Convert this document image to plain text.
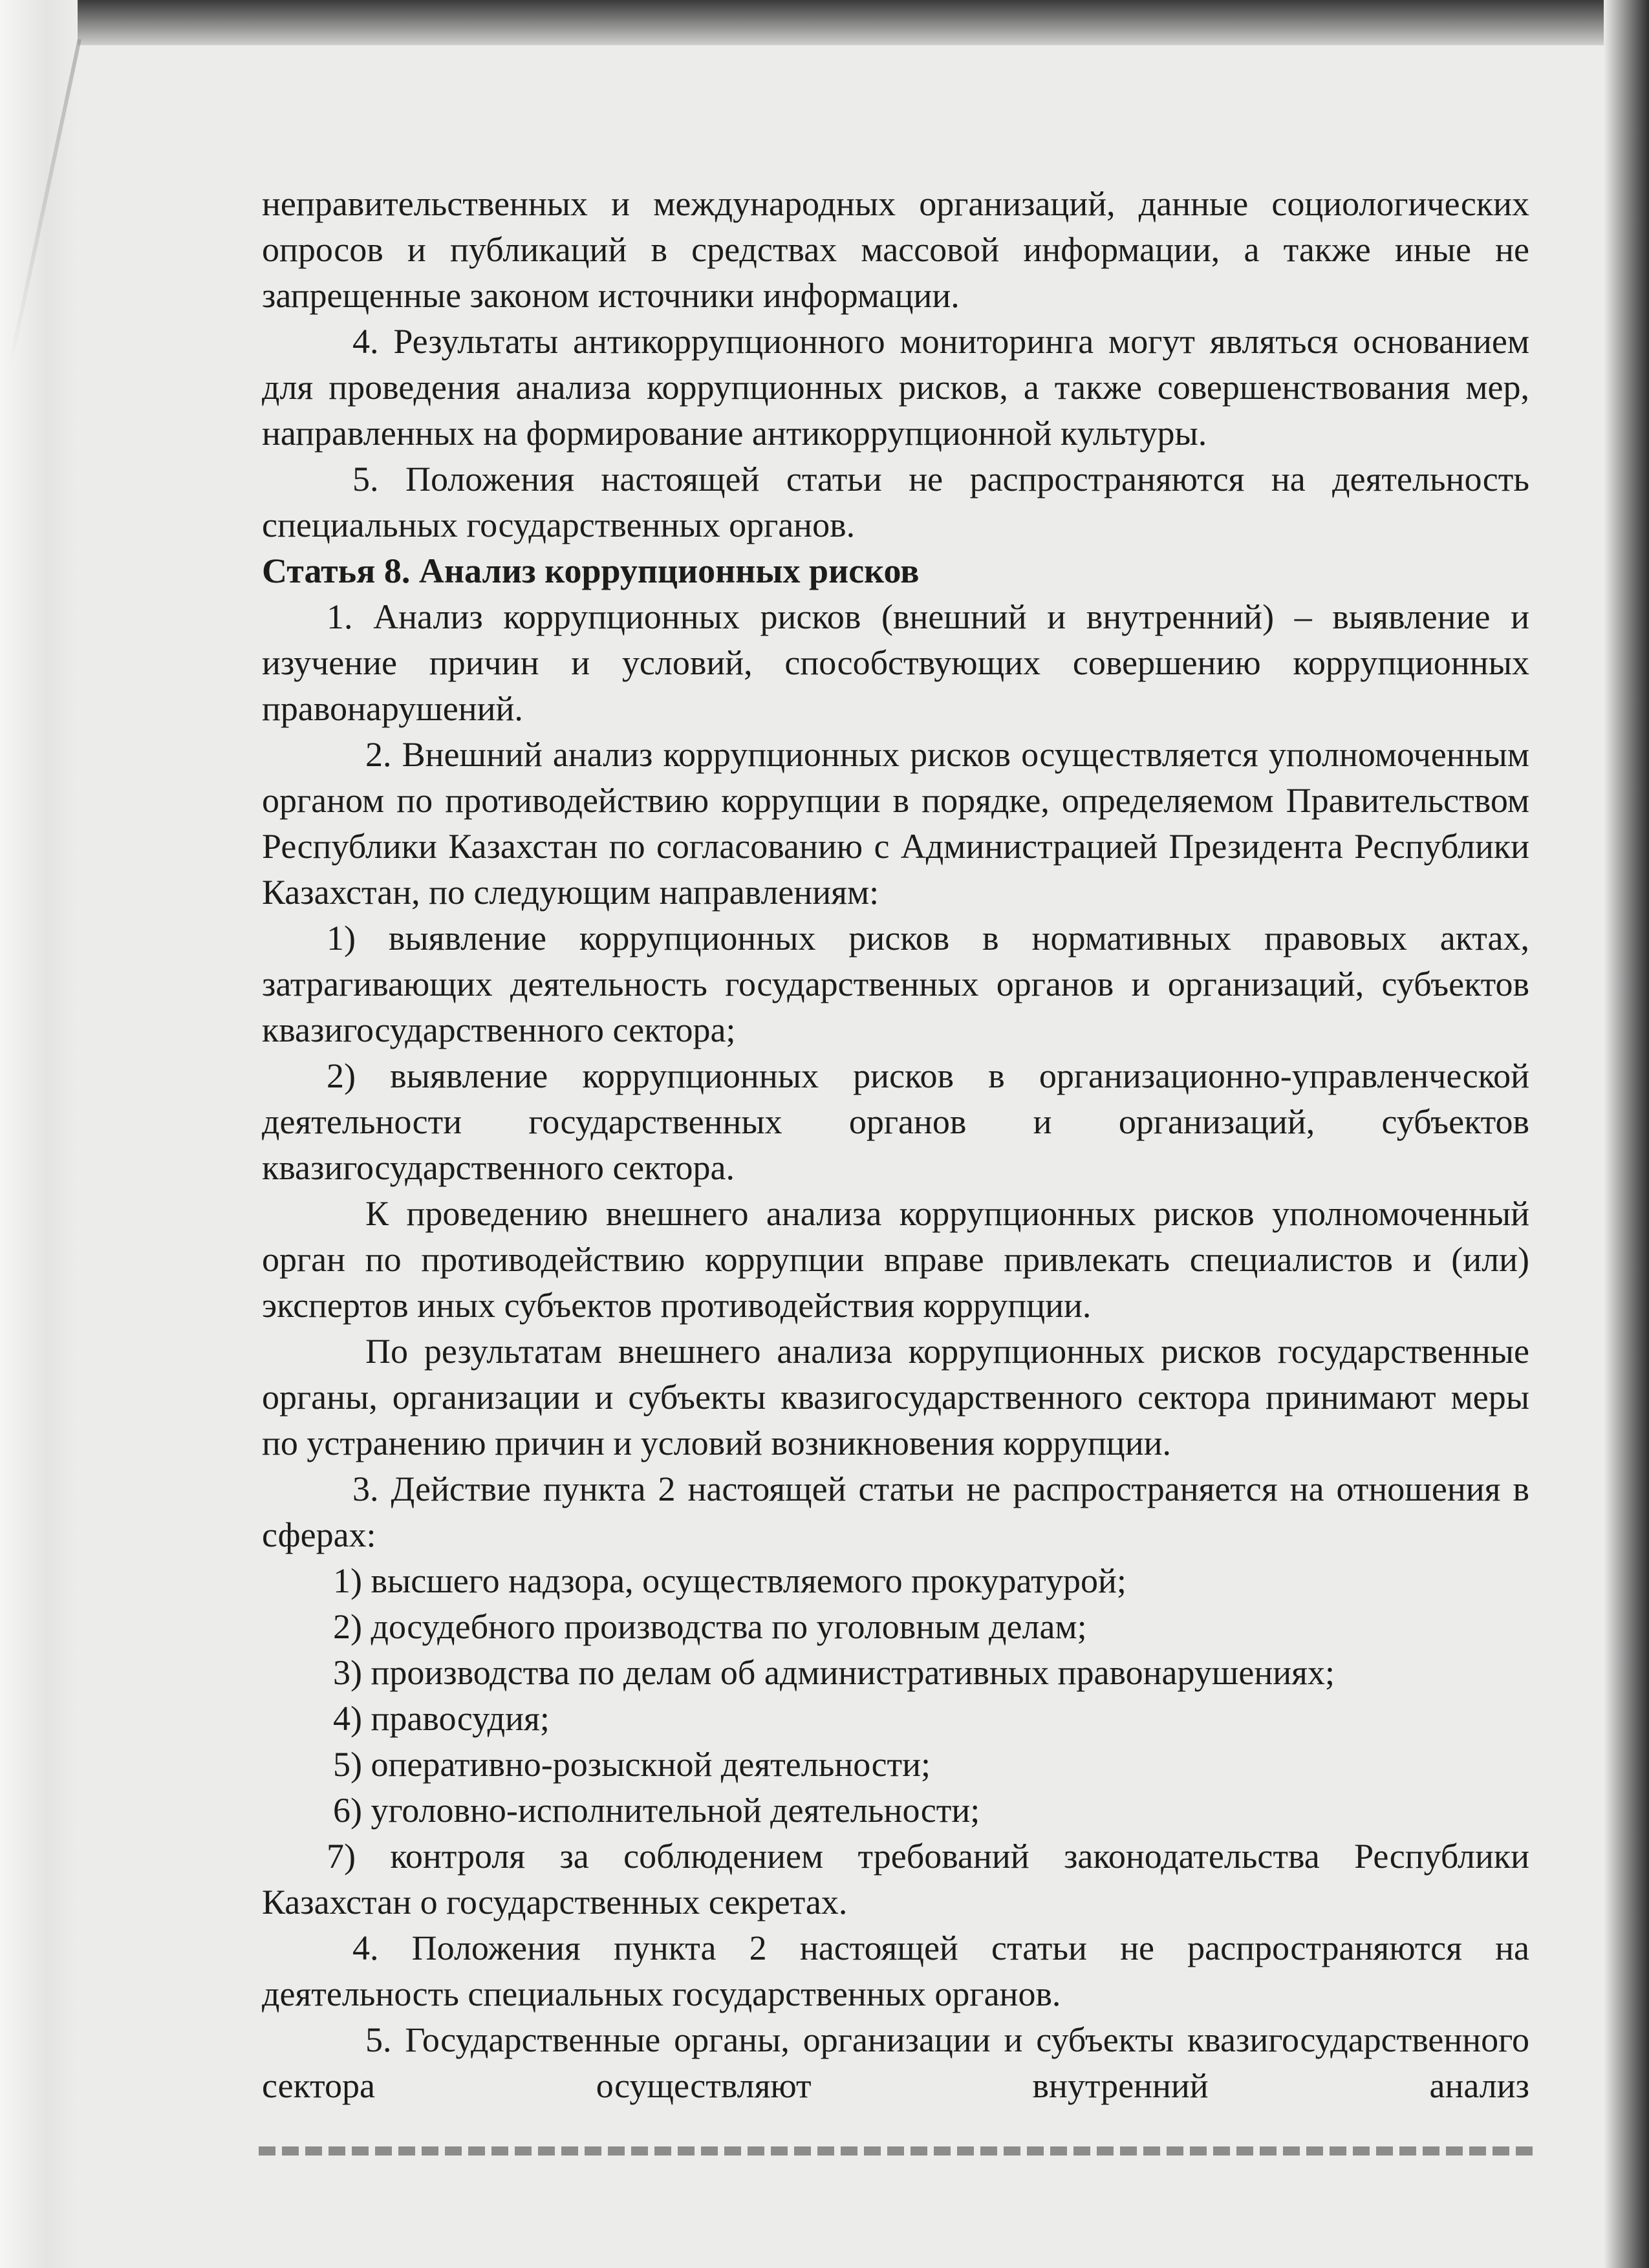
неправительственных и международных организаций, данные социологических опросов и публикаций в средствах массовой информации, а также иные не запрещенные законом источники информации.

4. Результаты антикоррупционного мониторинга могут являться основанием для проведения анализа коррупционных рисков, а также совершенствования мер, направленных на формирование антикоррупционной культуры.

5. Положения настоящей статьи не распространяются на деятельность специальных государственных органов.

Статья 8. Анализ коррупционных рисков

1. Анализ коррупционных рисков (внешний и внутренний) – выявление и изучение причин и условий, способствующих совершению коррупционных правонарушений.

2. Внешний анализ коррупционных рисков осуществляется уполномоченным органом по противодействию коррупции в порядке, определяемом Правительством Республики Казахстан по согласованию с Администрацией Президента Республики Казахстан, по следующим направлениям:

1) выявление коррупционных рисков в нормативных правовых актах, затрагивающих деятельность государственных органов и организаций, субъектов квазигосударственного сектора;

2) выявление коррупционных рисков в организационно-управленческой деятельности государственных органов и организаций, субъектов квазигосударственного сектора.

К проведению внешнего анализа коррупционных рисков уполномоченный орган по противодействию коррупции вправе привлекать специалистов и (или) экспертов иных субъектов противодействия коррупции.

По результатам внешнего анализа коррупционных рисков государственные органы, организации и субъекты квазигосударственного сектора принимают меры по устранению причин и условий возникновения коррупции.

3. Действие пункта 2 настоящей статьи не распространяется на отношения в сферах:

1) высшего надзора, осуществляемого прокуратурой;

2) досудебного производства по уголовным делам;

3) производства по делам об административных правонарушениях;

4) правосудия;

5) оперативно-розыскной деятельности;

6) уголовно-исполнительной деятельности;

7) контроля за соблюдением требований законодательства Республики Казахстан о государственных секретах.

4. Положения пункта 2 настоящей статьи не распространяются на деятельность специальных государственных органов.

5. Государственные органы, организации и субъекты квазигосударственного сектора осуществляют внутренний анализ
